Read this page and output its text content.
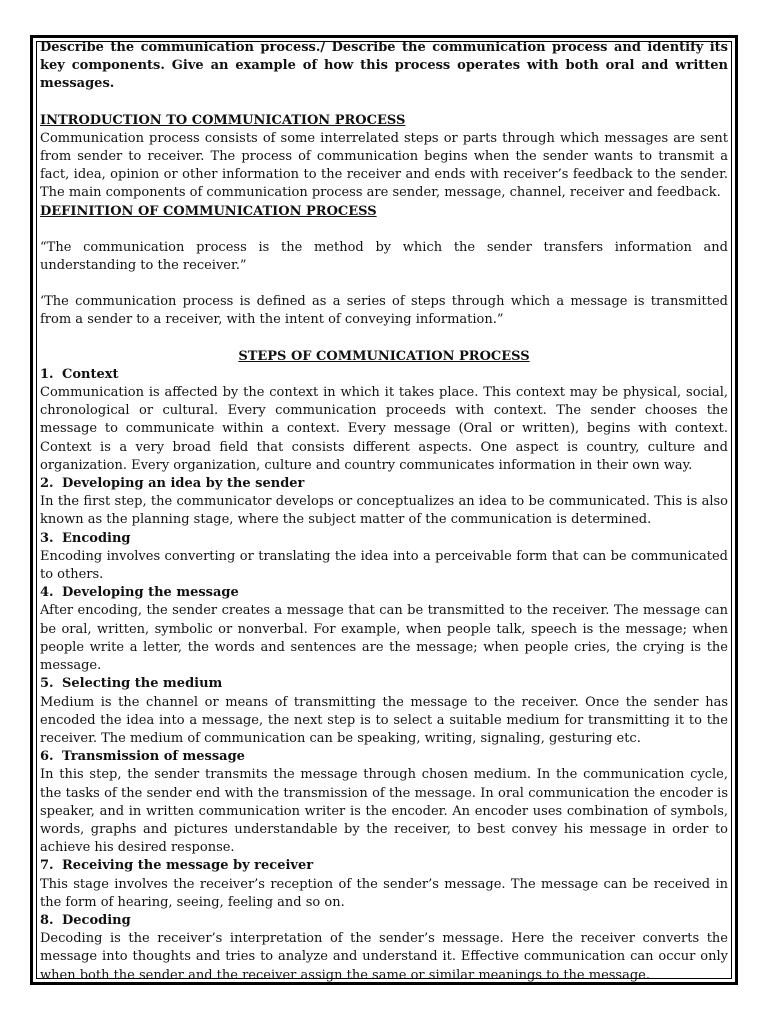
Describe the communication process./ Describe the communication process and identify its key components. Give an example of how this process operates with both oral and written messages.

INTRODUCTION TO COMMUNICATION PROCESS

Communication process consists of some interrelated steps or parts through which messages are sent from sender to receiver. The process of communication begins when the sender wants to transmit a fact, idea, opinion or other information to the receiver and ends with receiver’s feedback to the sender. The main components of communication process are sender, message, channel, receiver and feedback.

DEFINITION OF COMMUNICATION PROCESS

“The communication process is the method by which the sender transfers information and understanding to the receiver.”

‘The communication process is defined as a series of steps through which a message is transmitted from a sender to a receiver, with the intent of conveying information.”

STEPS OF COMMUNICATION PROCESS

1. Context

Communication is affected by the context in which it takes place. This context may be physical, social, chronological or cultural. Every communication proceeds with context. The sender chooses the message to communicate within a context. Every message (Oral or written), begins with context. Context is a very broad field that consists different aspects. One aspect is country, culture and organization. Every organization, culture and country communicates information in their own way.

2. Developing an idea by the sender

In the first step, the communicator develops or conceptualizes an idea to be communicated. This is also known as the planning stage, where the subject matter of the communication is determined.

3. Encoding

Encoding involves converting or translating the idea into a perceivable form that can be communicated to others.

4. Developing the message

After encoding, the sender creates a message that can be transmitted to the receiver. The message can be oral, written, symbolic or nonverbal. For example, when people talk, speech is the message; when people write a letter, the words and sentences are the message; when people cries, the crying is the message.

5. Selecting the medium

Medium is the channel or means of transmitting the message to the receiver. Once the sender has encoded the idea into a message, the next step is to select a suitable medium for transmitting it to the receiver. The medium of communication can be speaking, writing, signaling, gesturing etc.

6. Transmission of message

In this step, the sender transmits the message through chosen medium. In the communication cycle, the tasks of the sender end with the transmission of the message. In oral communication the encoder is speaker, and in written communication writer is the encoder. An encoder uses combination of symbols, words, graphs and pictures understandable by the receiver, to best convey his message in order to achieve his desired response.

7. Receiving the message by receiver

This stage involves the receiver’s reception of the sender’s message. The message can be received in the form of hearing, seeing, feeling and so on.

8. Decoding

Decoding is the receiver’s interpretation of the sender’s message. Here the receiver converts the message into thoughts and tries to analyze and understand it. Effective communication can occur only when both the sender and the receiver assign the same or similar meanings to the message.
